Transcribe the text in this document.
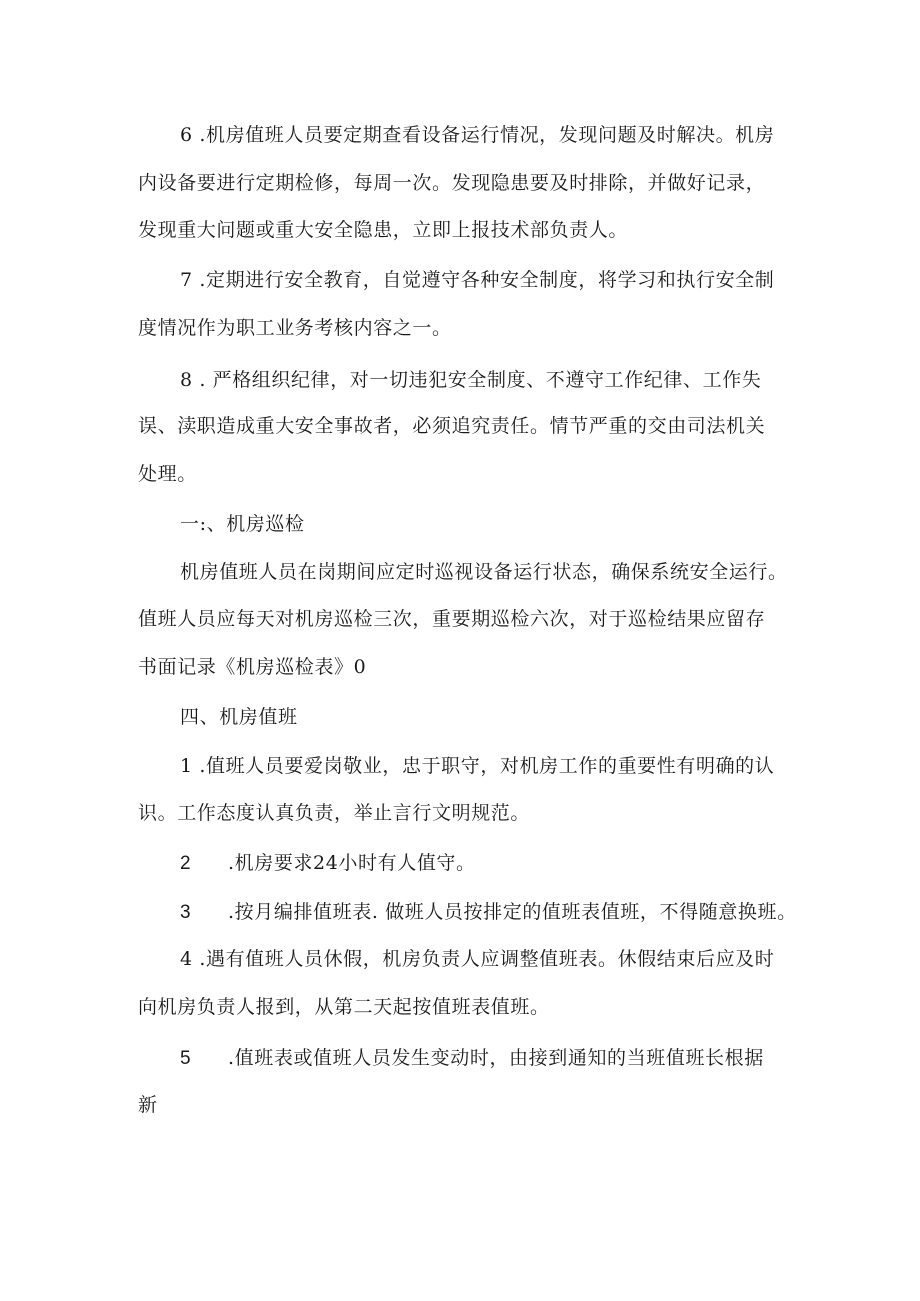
6 .机房值班人员要定期查看设备运行情况，发现问题及时解决。机房
内设备要进行定期检修，每周一次。发现隐患要及时排除，并做好记录，
发现重大问题或重大安全隐患，立即上报技术部负责人。
7 .定期进行安全教育，自觉遵守各种安全制度，将学习和执行安全制
度情况作为职工业务考核内容之一。
8 . 严格组织纪律，对一切违犯安全制度、不遵守工作纪律、工作失
误、渎职造成重大安全事故者，必须追究责任。情节严重的交由司法机关
处理。
一:、机房巡检
机房值班人员在岗期间应定时巡视设备运行状态，确保系统安全运行。
值班人员应每天对机房巡检三次，重要期巡检六次，对于巡检结果应留存
书面记录《机房巡检表》0
四、机房值班
1 .值班人员要爱岗敬业，忠于职守，对机房工作的重要性有明确的认
识。工作态度认真负责，举止言行文明规范。
2 .机房要求24小时有人值守。
3 .按月编排值班表. 做班人员按排定的值班表值班，不得随意换班。
4 .遇有值班人员休假，机房负责人应调整值班表。休假结束后应及时
向机房负责人报到，从第二天起按值班表值班。
5 .值班表或值班人员发生变动时，由接到通知的当班值班长根据
新
